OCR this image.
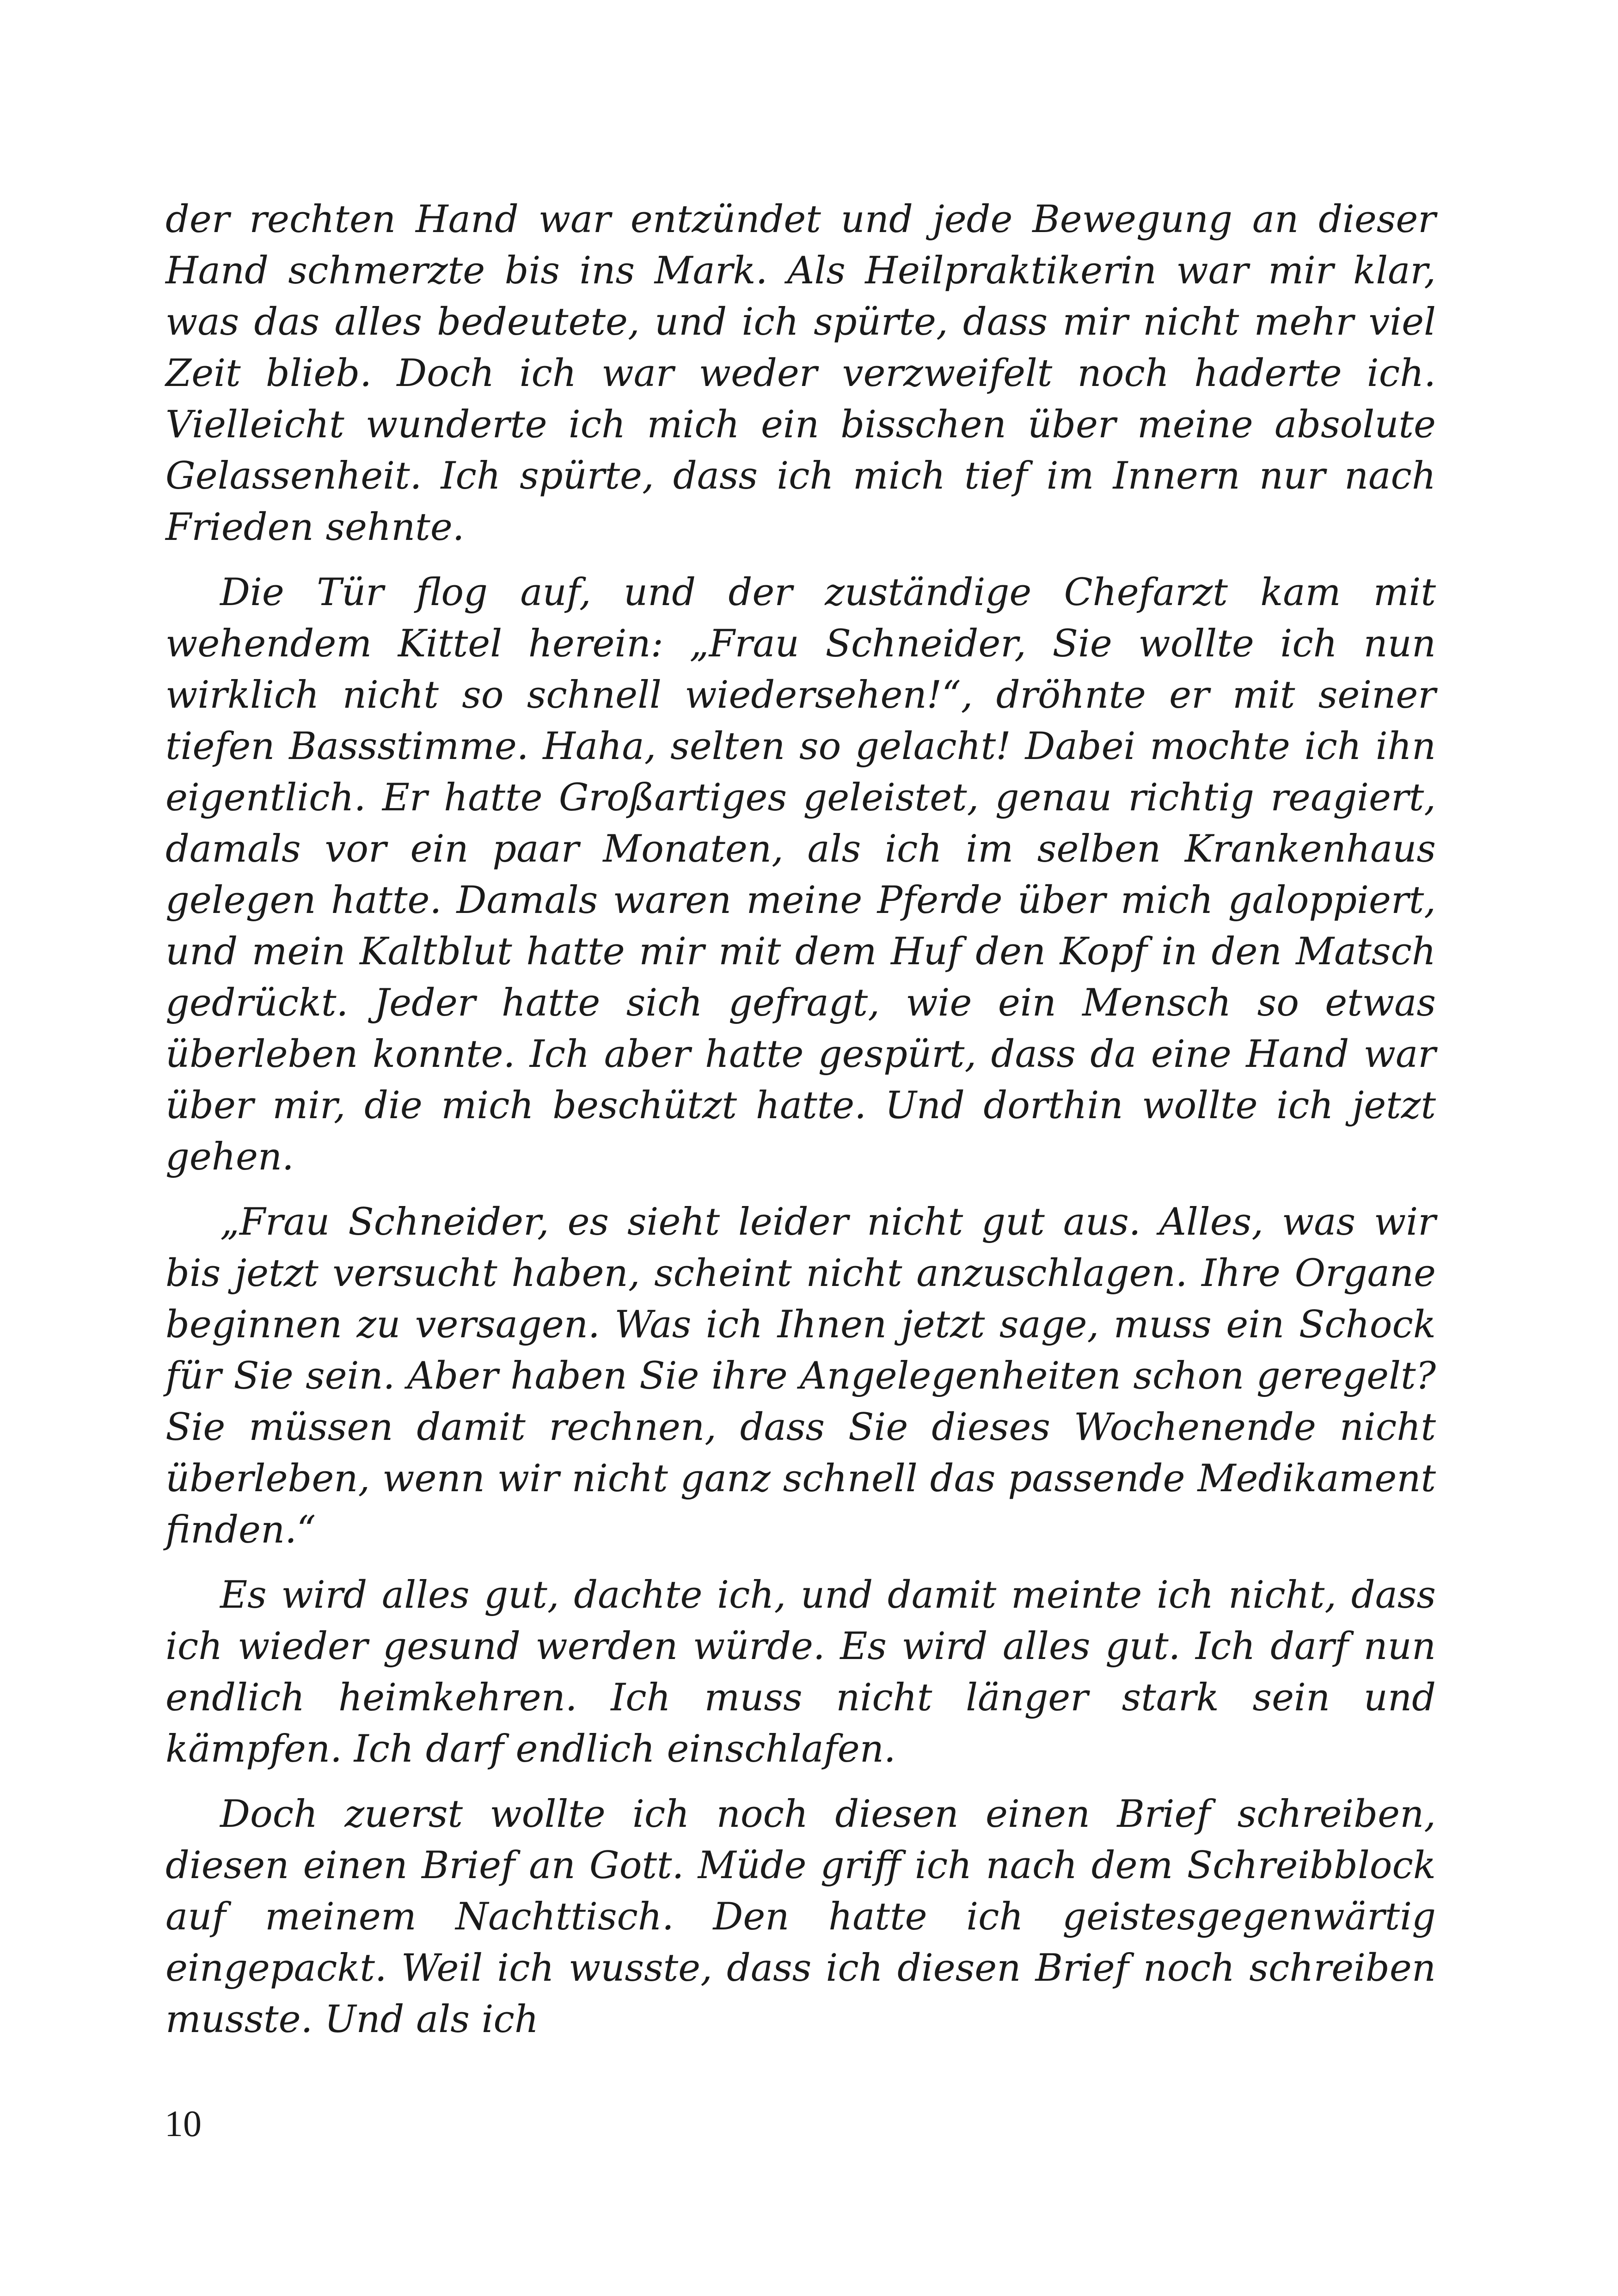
der rechten Hand war entzündet und jede Bewegung an dieser Hand schmerzte bis ins Mark. Als Heilpraktikerin war mir klar, was das alles bedeutete, und ich spürte, dass mir nicht mehr viel Zeit blieb. Doch ich war weder verzweifelt noch haderte ich. Vielleicht wunderte ich mich ein bisschen über meine absolute Gelassenheit. Ich spürte, dass ich mich tief im Innern nur nach Frieden sehnte.

Die Tür flog auf, und der zuständige Chefarzt kam mit wehendem Kittel herein: „Frau Schneider, Sie wollte ich nun wirklich nicht so schnell wiedersehen!“, dröhnte er mit seiner tiefen Bassstimme. Haha, selten so gelacht! Dabei mochte ich ihn eigentlich. Er hatte Großartiges geleistet, genau richtig reagiert, damals vor ein paar Monaten, als ich im selben Krankenhaus gelegen hatte. Damals waren meine Pferde über mich galoppiert, und mein Kaltblut hatte mir mit dem Huf den Kopf in den Matsch gedrückt. Jeder hatte sich gefragt, wie ein Mensch so etwas überleben konnte. Ich aber hatte gespürt, dass da eine Hand war über mir, die mich beschützt hatte. Und dorthin wollte ich jetzt gehen.

„Frau Schneider, es sieht leider nicht gut aus. Alles, was wir bis jetzt versucht haben, scheint nicht anzuschlagen. Ihre Organe beginnen zu versagen. Was ich Ihnen jetzt sage, muss ein Schock für Sie sein. Aber haben Sie ihre Angelegenheiten schon geregelt? Sie müssen damit rechnen, dass Sie dieses Wochenende nicht überleben, wenn wir nicht ganz schnell das passende Medikament finden.“

Es wird alles gut, dachte ich, und damit meinte ich nicht, dass ich wieder gesund werden würde. Es wird alles gut. Ich darf nun endlich heimkehren. Ich muss nicht länger stark sein und kämpfen. Ich darf endlich einschlafen.

Doch zuerst wollte ich noch diesen einen Brief schreiben, diesen einen Brief an Gott. Müde griff ich nach dem Schreibblock auf meinem Nachttisch. Den hatte ich geistesgegenwärtig eingepackt. Weil ich wusste, dass ich diesen Brief noch schreiben musste. Und als ich

10
